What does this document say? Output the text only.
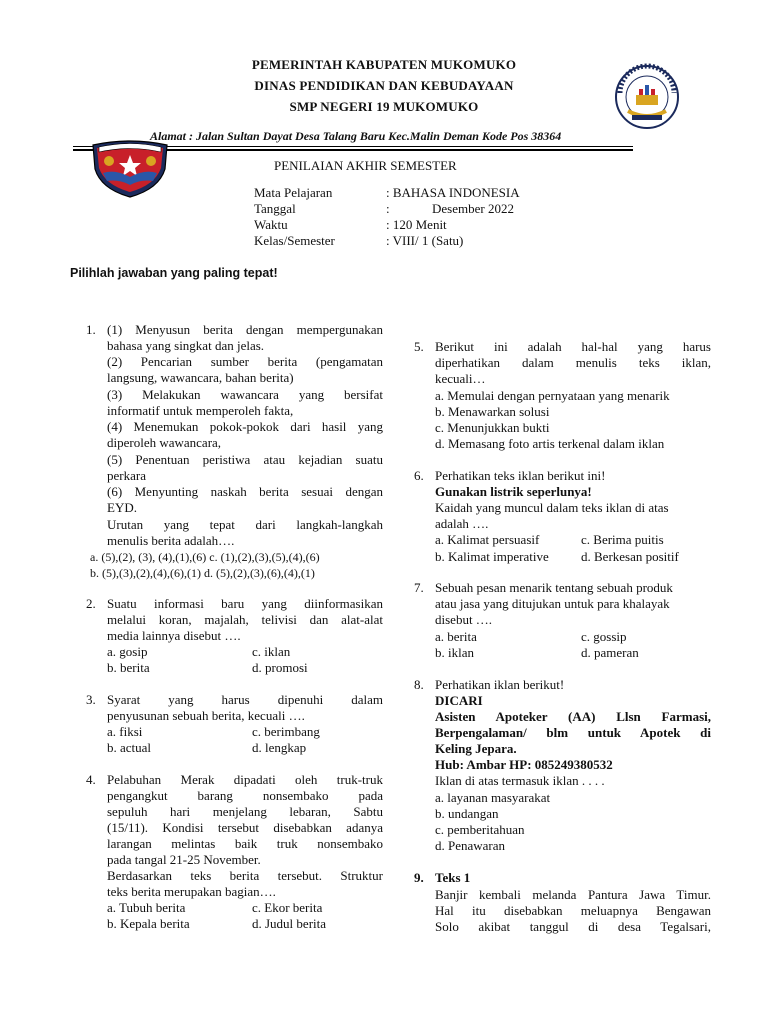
PEMERINTAH KABUPATEN MUKOMUKO
DINAS PENDIDIKAN DAN KEBUDAYAAN
SMP NEGERI 19 MUKOMUKO
Alamat : Jalan Sultan Dayat Desa Talang Baru Kec.Malin Deman Kode Pos 38364
PENILAIAN AKHIR SEMESTER
Mata Pelajaran	: BAHASA INDONESIA
Tanggal	:	Desember 2022
Waktu	: 120 Menit
Kelas/Semester	: VIII/ 1 (Satu)
Pilihlah jawaban yang paling tepat!
1. (1) Menyusun berita dengan mempergunakan
bahasa yang singkat dan jelas.
(2) Pencarian sumber berita (pengamatan
langsung, wawancara, bahan berita)
(3) Melakukan wawancara yang bersifat
informatif untuk memperoleh fakta,
(4) Menemukan pokok-pokok dari hasil yang
diperoleh wawancara,
(5) Penentuan peristiwa atau kejadian suatu
perkara
(6) Menyunting naskah berita sesuai dengan
EYD.
Urutan yang tepat dari langkah-langkah
menulis berita adalah….
a. (5),(2), (3), (4),(1),(6) c. (1),(2),(3),(5),(4),(6)
b. (5),(3),(2),(4),(6),(1) d. (5),(2),(3),(6),(4),(1)
2. Suatu informasi baru yang diinformasikan
melalui koran, majalah, telivisi dan alat-alat
media lainnya disebut ….
a. gosip	c. iklan
b. berita	d. promosi
3. Syarat yang harus dipenuhi dalam
penyusunan sebuah berita, kecuali ….
a. fiksi	c. berimbang
b. actual	d. lengkap
4. Pelabuhan Merak dipadati oleh truk-truk
pengangkut barang nonsembako pada
sepuluh hari menjelang lebaran, Sabtu
(15/11). Kondisi tersebut disebabkan adanya
larangan melintas baik truk nonsembako
pada tangal 21-25 November.
Berdasarkan teks berita tersebut. Struktur
teks berita merupakan bagian….
a. Tubuh berita	c. Ekor berita
b. Kepala berita	d. Judul berita
5. Berikut ini adalah hal-hal yang harus
diperhatikan dalam menulis teks iklan,
kecuali…
a. Memulai dengan pernyataan yang menarik
b. Menawarkan solusi
c. Menunjukkan bukti
d. Memasang foto artis terkenal dalam iklan
6. Perhatikan teks iklan berikut ini!
Gunakan listrik seperlunya!
Kaidah yang muncul dalam teks iklan di atas
adalah ….
a. Kalimat persuasif	c. Berima puitis
b. Kalimat imperative d. Berkesan positif
7. Sebuah pesan menarik tentang sebuah produk
atau jasa yang ditujukan untuk para khalayak
disebut ….
a. berita	c. gossip
b. iklan	d. pameran
8. Perhatikan iklan berikut!
DICARI
Asisten Apoteker (AA) Llsn Farmasi,
Berpengalaman/ blm untuk Apotek di
Keling Jepara.
Hub: Ambar HP: 085249380532
Iklan di atas termasuk iklan . . . .
a. layanan masyarakat
b. undangan
c. pemberitahuan
d. Penawaran
9. Teks 1
Banjir kembali melanda Pantura Jawa Timur.
Hal itu disebabkan meluapnya Bengawan
Solo akibat tanggul di desa Tegalsari,
